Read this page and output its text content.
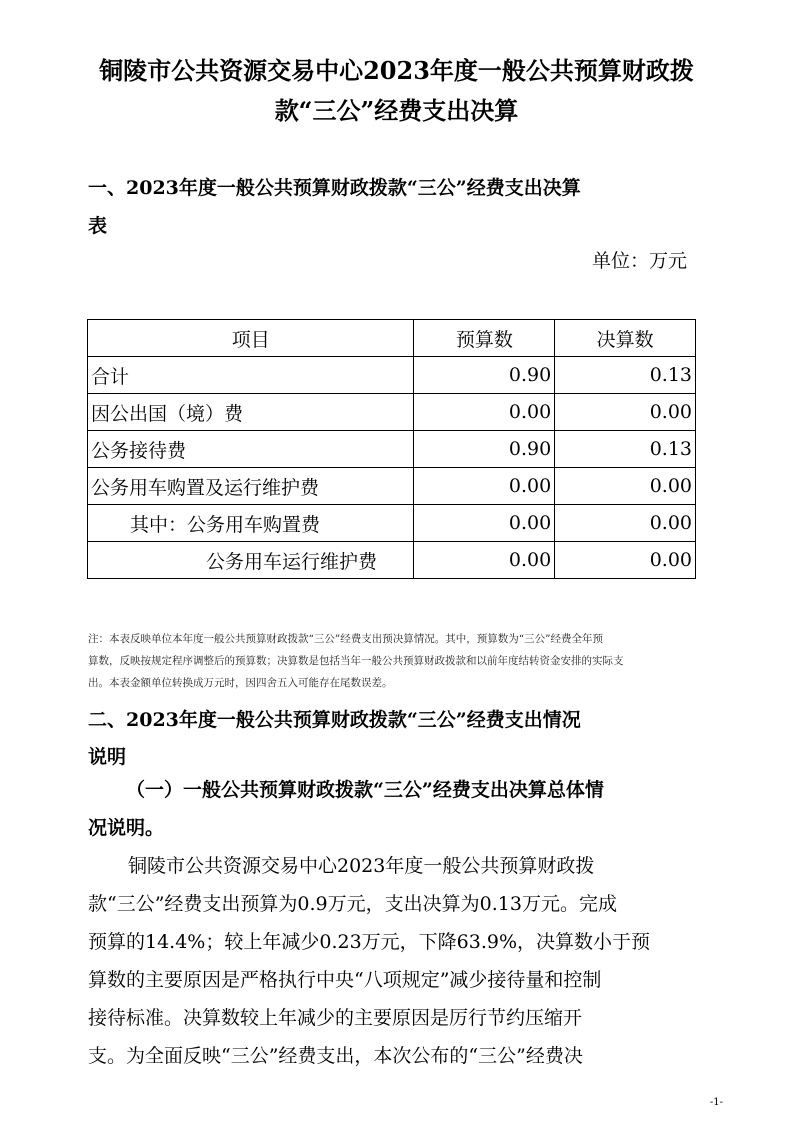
铜陵市公共资源交易中心2023年度一般公共预算财政拨
款“三公”经费支出决算
一、2023年度一般公共预算财政拨款“三公”经费支出决算
表
单位：万元
项目	预算数	决算数
合计	0.90	0.13
因公出国（境）费	0.00	0.00
公务接待费	0.90	0.13
公务用车购置及运行维护费	0.00	0.00
其中：公务用车购置费	0.00	0.00
公务用车运行维护费	0.00	0.00
注：本表反映单位本年度一般公共预算财政拨款“三公”经费支出预决算情况。其中，预算数为“三公”经费全年预
算数，反映按规定程序调整后的预算数；决算数是包括当年一般公共预算财政拨款和以前年度结转资金安排的实际支
出。本表金额单位转换成万元时，因四舍五入可能存在尾数误差。
二、2023年度一般公共预算财政拨款“三公”经费支出情况
说明
（一）一般公共预算财政拨款“三公”经费支出决算总体情
况说明。
铜陵市公共资源交易中心2023年度一般公共预算财政拨
款“三公”经费支出预算为0.9万元，支出决算为0.13万元。完成
预算的14.4%；较上年减少0.23万元，下降63.9%，决算数小于预
算数的主要原因是严格执行中央“八项规定”减少接待量和控制
接待标准。决算数较上年减少的主要原因是厉行节约压缩开
支。为全面反映“三公”经费支出，本次公布的“三公”经费决
-1-
